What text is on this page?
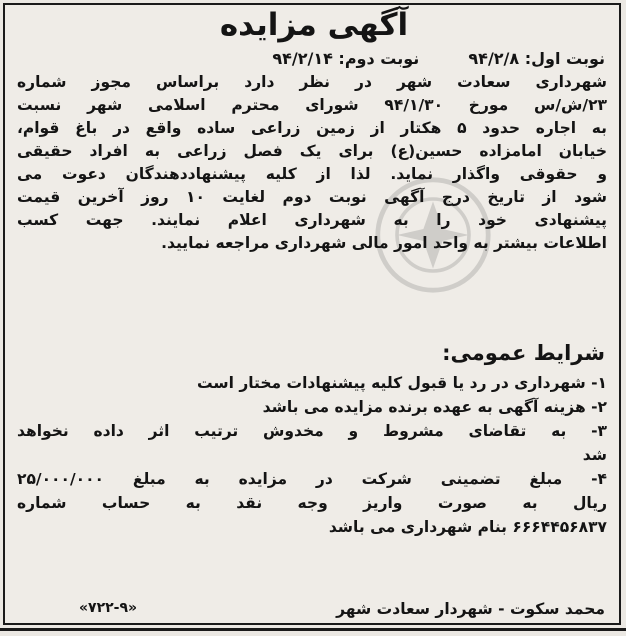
آگهی مزایده
نوبت اول: ۹۴/۲/۸  نوبت دوم: ۹۴/۲/۱۴
شهرداری سعادت شهر در نظر دارد براساس مجوز شماره
۲۳/ش/س مورخ ۹۴/۱/۳۰ شورای محترم اسلامی شهر نسبت
به اجاره حدود ۵ هکتار از زمین زراعی ساده واقع در باغ قوام،
خیابان امامزاده حسین(ع) برای یک فصل زراعی به افراد حقیقی
و حقوقی واگذار نماید. لذا از کلیه پیشنهاددهندگان دعوت می
شود از تاریخ درج آگهی نوبت دوم لغایت ۱۰ روز آخرین قیمت
پیشنهادی خود را به شهرداری اعلام نمایند. جهت کسب
اطلاعات بیشتر به واحد امور مالی شهرداری مراجعه نمایید.
شرایط عمومی:
۱- شهرداری در رد یا قبول کلیه پیشنهادات مختار است
۲- هزینه آگهی به عهده برنده مزایده می باشد
۳- به تقاضای مشروط و مخدوش ترتیب اثر داده نخواهد
شد
۴- مبلغ تضمینی شرکت در مزایده به مبلغ ۲۵/۰۰۰/۰۰۰
ریال به صورت واریز وجه نقد به حساب شماره
۶۶۶۴۴۵۶۸۳۷ بنام شهرداری می باشد
محمد سکوت - شهردار سعادت شهر
«۷۲۲-۹»
